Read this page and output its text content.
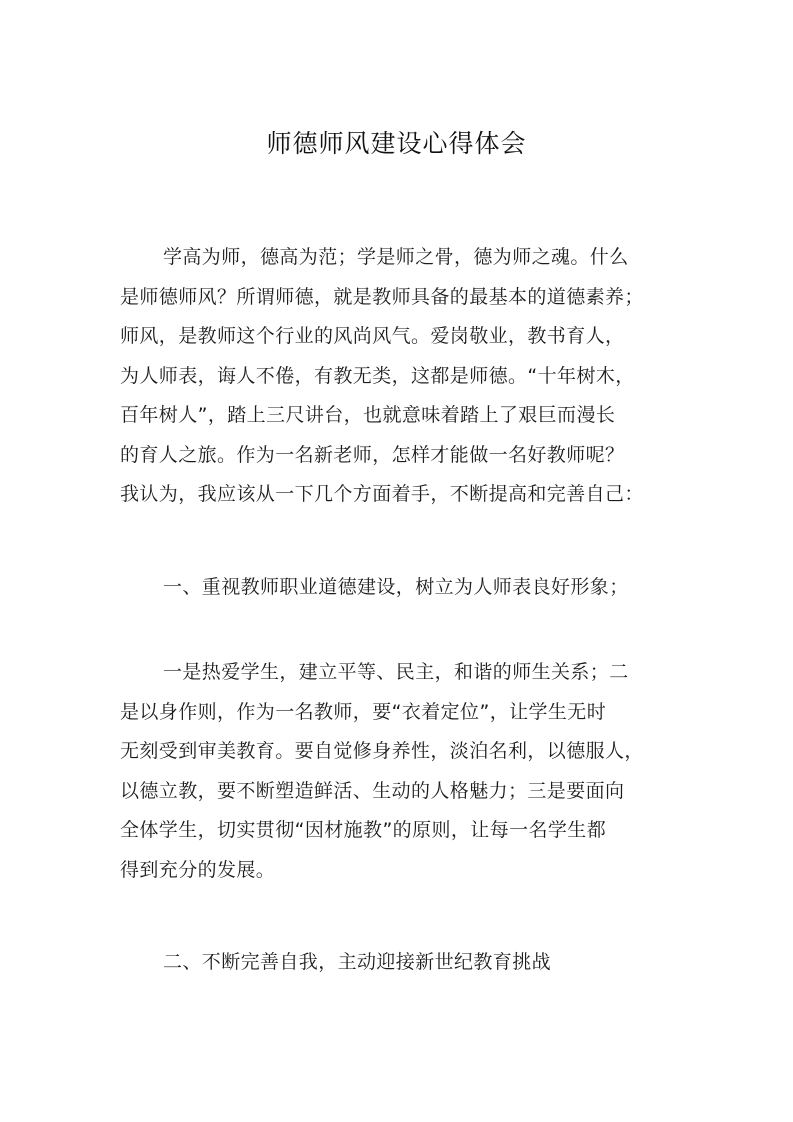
师德师风建设心得体会
学高为师，德高为范；学是师之骨，德为师之魂。什么
是师德师风？所谓师德，就是教师具备的最基本的道德素养；
师风，是教师这个行业的风尚风气。爱岗敬业，教书育人，
为人师表，诲人不倦，有教无类，这都是师德。“十年树木，
百年树人”，踏上三尺讲台，也就意味着踏上了艰巨而漫长
的育人之旅。作为一名新老师，怎样才能做一名好教师呢？
我认为，我应该从一下几个方面着手，不断提高和完善自己：
一、重视教师职业道德建设，树立为人师表良好形象；
一是热爱学生，建立平等、民主，和谐的师生关系；二
是以身作则，作为一名教师，要“衣着定位”，让学生无时
无刻受到审美教育。要自觉修身养性，淡泊名利，以德服人，
以德立教，要不断塑造鲜活、生动的人格魅力；三是要面向
全体学生，切实贯彻“因材施教”的原则，让每一名学生都
得到充分的发展。
二、不断完善自我，主动迎接新世纪教育挑战
